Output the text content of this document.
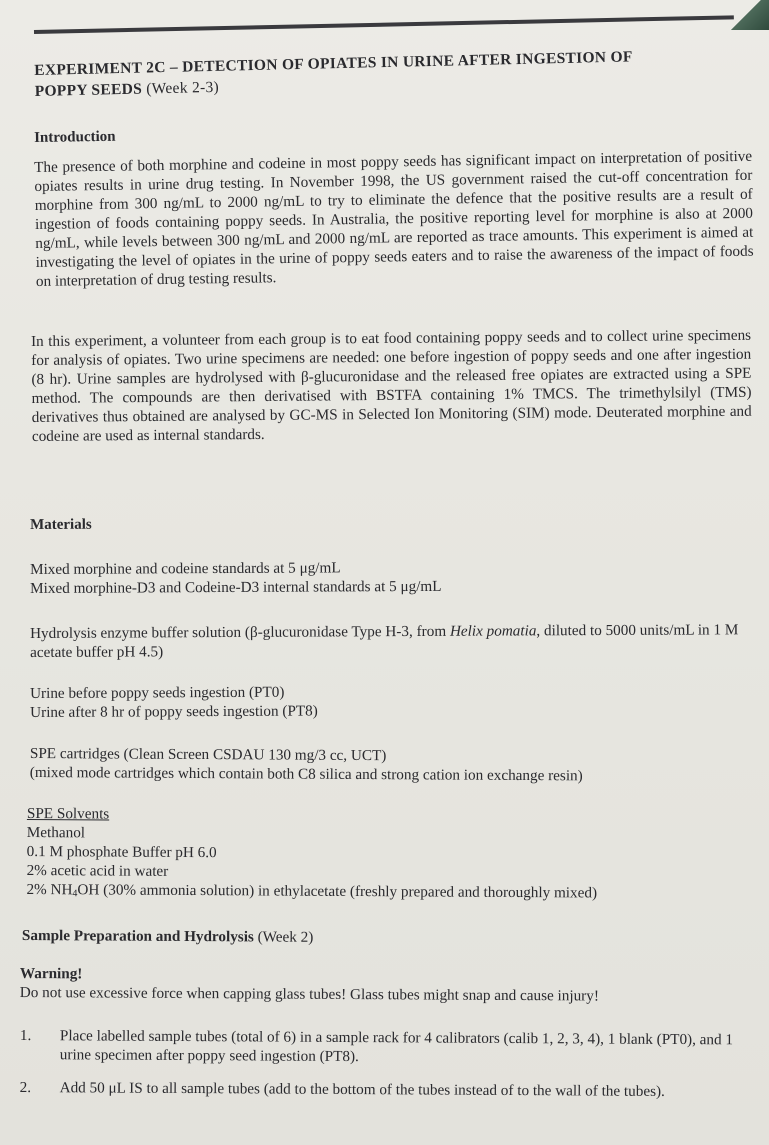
EXPERIMENT 2C – DETECTION OF OPIATES IN URINE AFTER INGESTION OF
POPPY SEEDS (Week 2-3)
Introduction

The presence of both morphine and codeine in most poppy seeds has significant impact on interpretation of positive opiates results in urine drug testing. In November 1998, the US government raised the cut-off concentration for morphine from 300 ng/mL to 2000 ng/mL to try to eliminate the defence that the positive results are a result of ingestion of foods containing poppy seeds. In Australia, the positive reporting level for morphine is also at 2000 ng/mL, while levels between 300 ng/mL and 2000 ng/mL are reported as trace amounts. This experiment is aimed at investigating the level of opiates in the urine of poppy seeds eaters and to raise the awareness of the impact of foods on interpretation of drug testing results.

In this experiment, a volunteer from each group is to eat food containing poppy seeds and to collect urine specimens for analysis of opiates. Two urine specimens are needed: one before ingestion of poppy seeds and one after ingestion (8 hr). Urine samples are hydrolysed with β-glucuronidase and the released free opiates are extracted using a SPE method. The compounds are then derivatised with BSTFA containing 1% TMCS. The trimethylsilyl (TMS) derivatives thus obtained are analysed by GC-MS in Selected Ion Monitoring (SIM) mode. Deuterated morphine and codeine are used as internal standards.

Materials
Mixed morphine and codeine standards at 5 μg/mL
Mixed morphine-D3 and Codeine-D3 internal standards at 5 μg/mL
Hydrolysis enzyme buffer solution (β-glucuronidase Type H-3, from Helix pomatia, diluted to 5000 units/mL in 1 M acetate buffer pH 4.5)
Urine before poppy seeds ingestion (PT0)
Urine after 8 hr of poppy seeds ingestion (PT8)
SPE cartridges (Clean Screen CSDAU 130 mg/3 cc, UCT)
(mixed mode cartridges which contain both C8 silica and strong cation ion exchange resin)
SPE Solvents
Methanol
0.1 M phosphate Buffer pH 6.0
2% acetic acid in water
2% $NH_4OH$ (30% ammonia solution) in ethylacetate (freshly prepared and thoroughly mixed)
Sample Preparation and Hydrolysis (Week 2)
Warning!
Do not use excessive force when capping glass tubes! Glass tubes might snap and cause injury!
1. Place labelled sample tubes (total of 6) in a sample rack for 4 calibrators (calib 1, 2, 3, 4), 1 blank (PT0), and 1 urine specimen after poppy seed ingestion (PT8).
2. Add 50 μL IS to all sample tubes (add to the bottom of the tubes instead of to the wall of the tubes).
